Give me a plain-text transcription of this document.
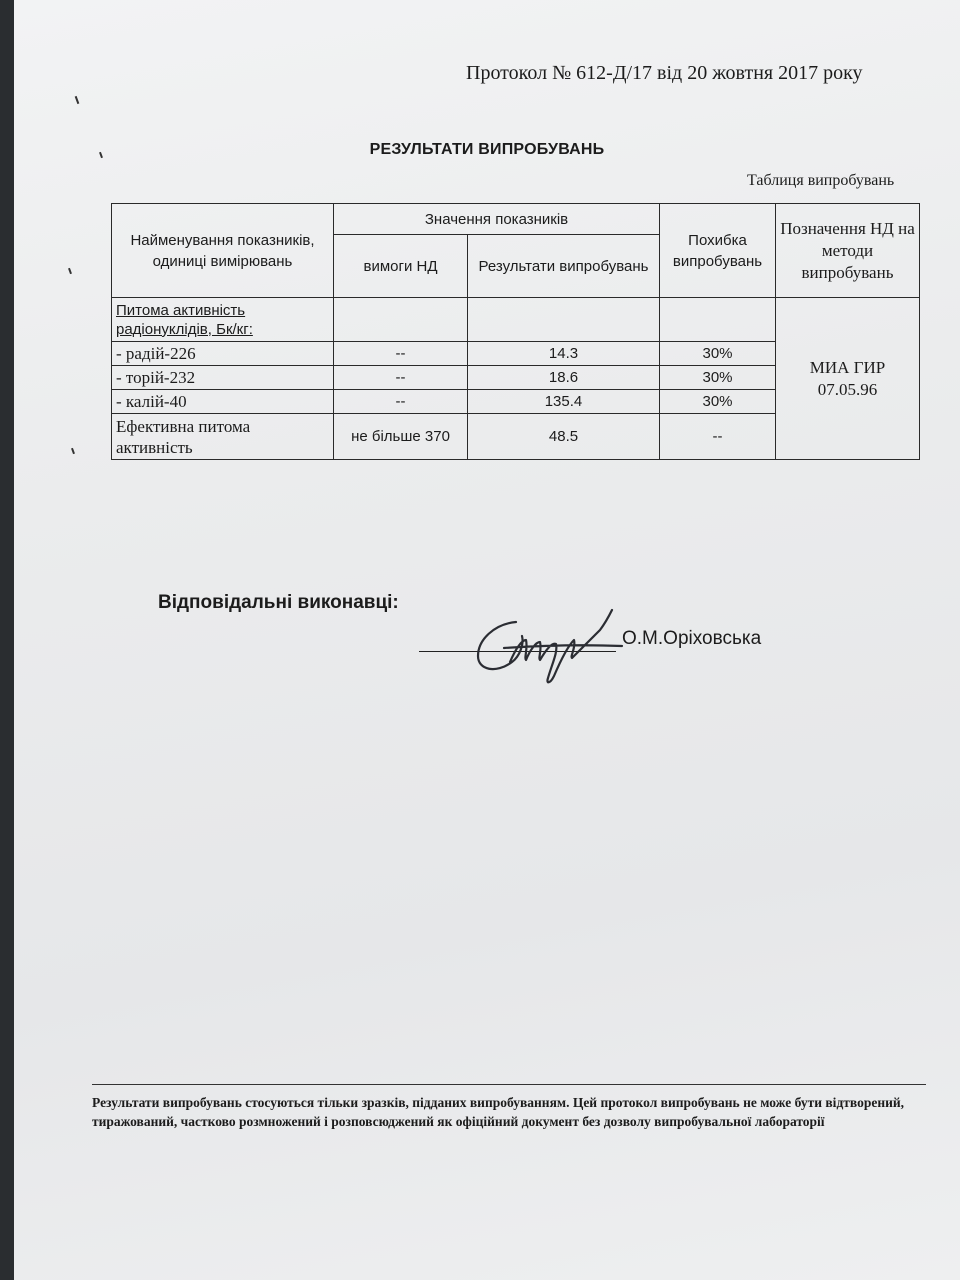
Протокол № 612-Д/17 від 20 жовтня 2017 року
РЕЗУЛЬТАТИ ВИПРОБУВАНЬ
Таблиця випробувань
Найменування показників, одиниці вимірювань	Значення показників		Похибка випробувань	Позначення НД на методи випробувань
	вимоги НД	Результати випробувань		
Питома активність радіонуклідів, Бк/кг:				МИА ГИР
07.05.96
- радій-226	--	14.3	30%	
- торій-232	--	18.6	30%	
- калій-40	--	135.4	30%	
Ефективна питома активність	не більше 370	48.5	--	
Відповідальні виконавці:
О.М.Оріховська
Результати випробувань стосуються тільки зразків, підданих випробуванням. Цей протокол випробувань не може бути відтворений, тиражований, частково розмножений і розповсюджений як офіційний документ без дозволу випробувальної лабораторії
